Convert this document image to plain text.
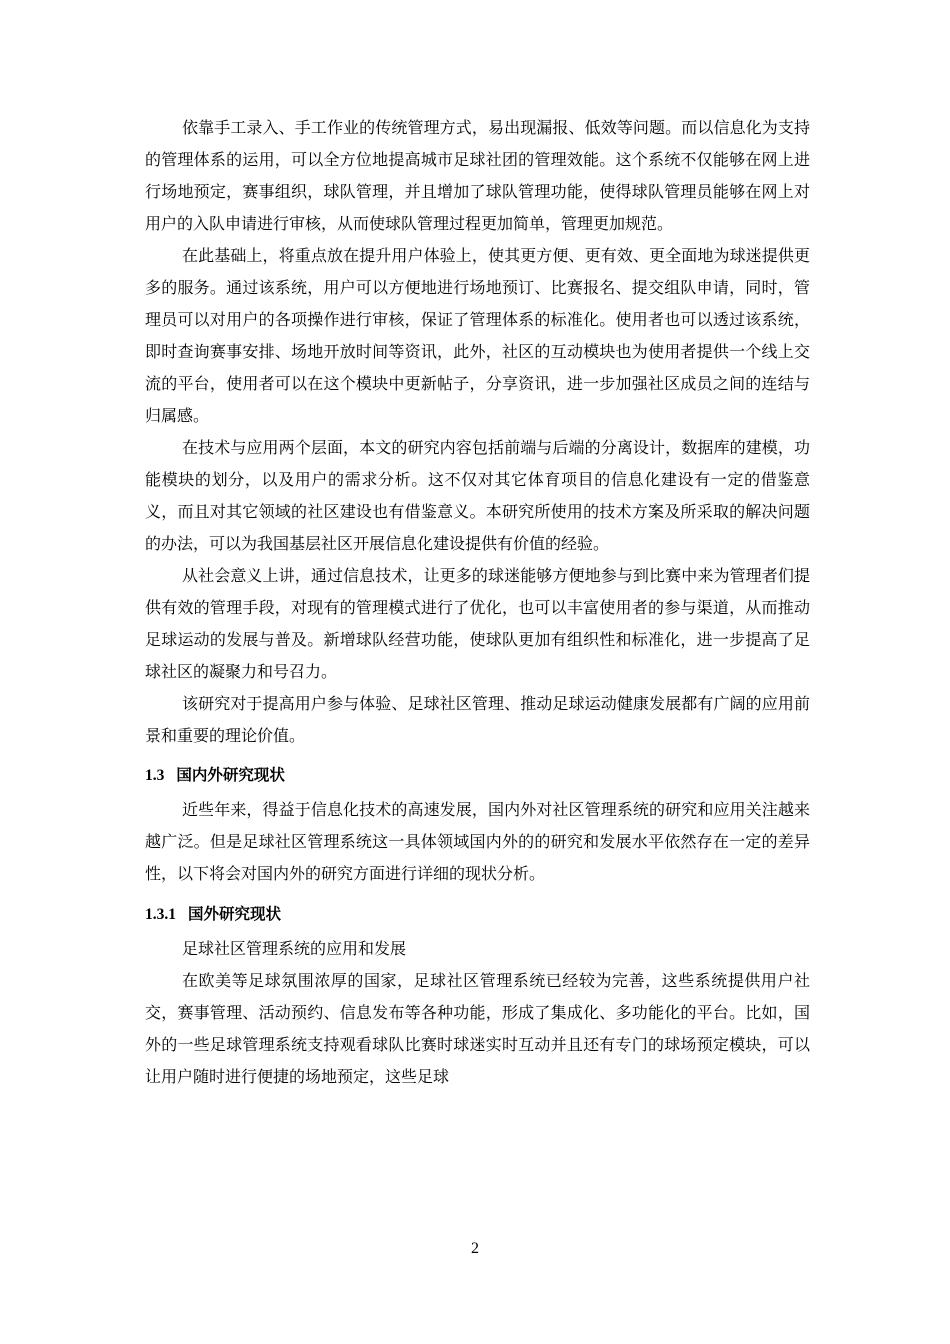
依靠手工录入、手工作业的传统管理方式，易出现漏报、低效等问题。而以信息化为支持的管理体系的运用，可以全方位地提高城市足球社团的管理效能。这个系统不仅能够在网上进行场地预定，赛事组织，球队管理，并且增加了球队管理功能，使得球队管理员能够在网上对用户的入队申请进行审核，从而使球队管理过程更加简单，管理更加规范。

在此基础上，将重点放在提升用户体验上，使其更方便、更有效、更全面地为球迷提供更多的服务。通过该系统，用户可以方便地进行场地预订、比赛报名、提交组队申请，同时，管理员可以对用户的各项操作进行审核，保证了管理体系的标准化。使用者也可以透过该系统，即时查询赛事安排、场地开放时间等资讯，此外，社区的互动模块也为使用者提供一个线上交流的平台，使用者可以在这个模块中更新帖子，分享资讯，进一步加强社区成员之间的连结与归属感。

在技术与应用两个层面，本文的研究内容包括前端与后端的分离设计，数据库的建模，功能模块的划分，以及用户的需求分析。这不仅对其它体育项目的信息化建设有一定的借鉴意义，而且对其它领域的社区建设也有借鉴意义。本研究所使用的技术方案及所采取的解决问题的办法，可以为我国基层社区开展信息化建设提供有价值的经验。

从社会意义上讲，通过信息技术，让更多的球迷能够方便地参与到比赛中来为管理者们提供有效的管理手段，对现有的管理模式进行了优化，也可以丰富使用者的参与渠道，从而推动足球运动的发展与普及。新增球队经营功能，使球队更加有组织性和标准化，进一步提高了足球社区的凝聚力和号召力。

该研究对于提高用户参与体验、足球社区管理、推动足球运动健康发展都有广阔的应用前景和重要的理论价值。

1.3 国内外研究现状

近些年来，得益于信息化技术的高速发展，国内外对社区管理系统的研究和应用关注越来越广泛。但是足球社区管理系统这一具体领域国内外的的研究和发展水平依然存在一定的差异性，以下将会对国内外的研究方面进行详细的现状分析。

1.3.1 国外研究现状

足球社区管理系统的应用和发展

在欧美等足球氛围浓厚的国家，足球社区管理系统已经较为完善，这些系统提供用户社交，赛事管理、活动预约、信息发布等各种功能，形成了集成化、多功能化的平台。比如，国外的一些足球管理系统支持观看球队比赛时球迷实时互动并且还有专门的球场预定模块，可以让用户随时进行便捷的场地预定，这些足球

2
